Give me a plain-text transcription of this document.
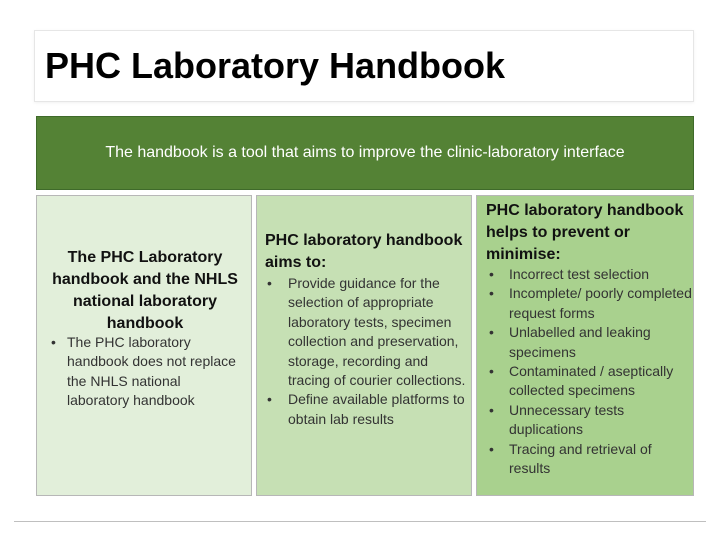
PHC Laboratory Handbook
The handbook is a tool that aims to improve the clinic-laboratory interface
The PHC Laboratory handbook and the NHLS national laboratory handbook
• The PHC laboratory handbook does not replace the NHLS national laboratory handbook
PHC laboratory handbook aims to:
• Provide guidance for the selection of appropriate laboratory tests, specimen collection and preservation, storage, recording and tracing of courier collections.
• Define available platforms to obtain lab results
PHC laboratory handbook helps to prevent or minimise:
• Incorrect test selection
• Incomplete/ poorly completed request forms
• Unlabelled and leaking specimens
• Contaminated / aseptically collected specimens
• Unnecessary tests duplications
• Tracing and retrieval of results
